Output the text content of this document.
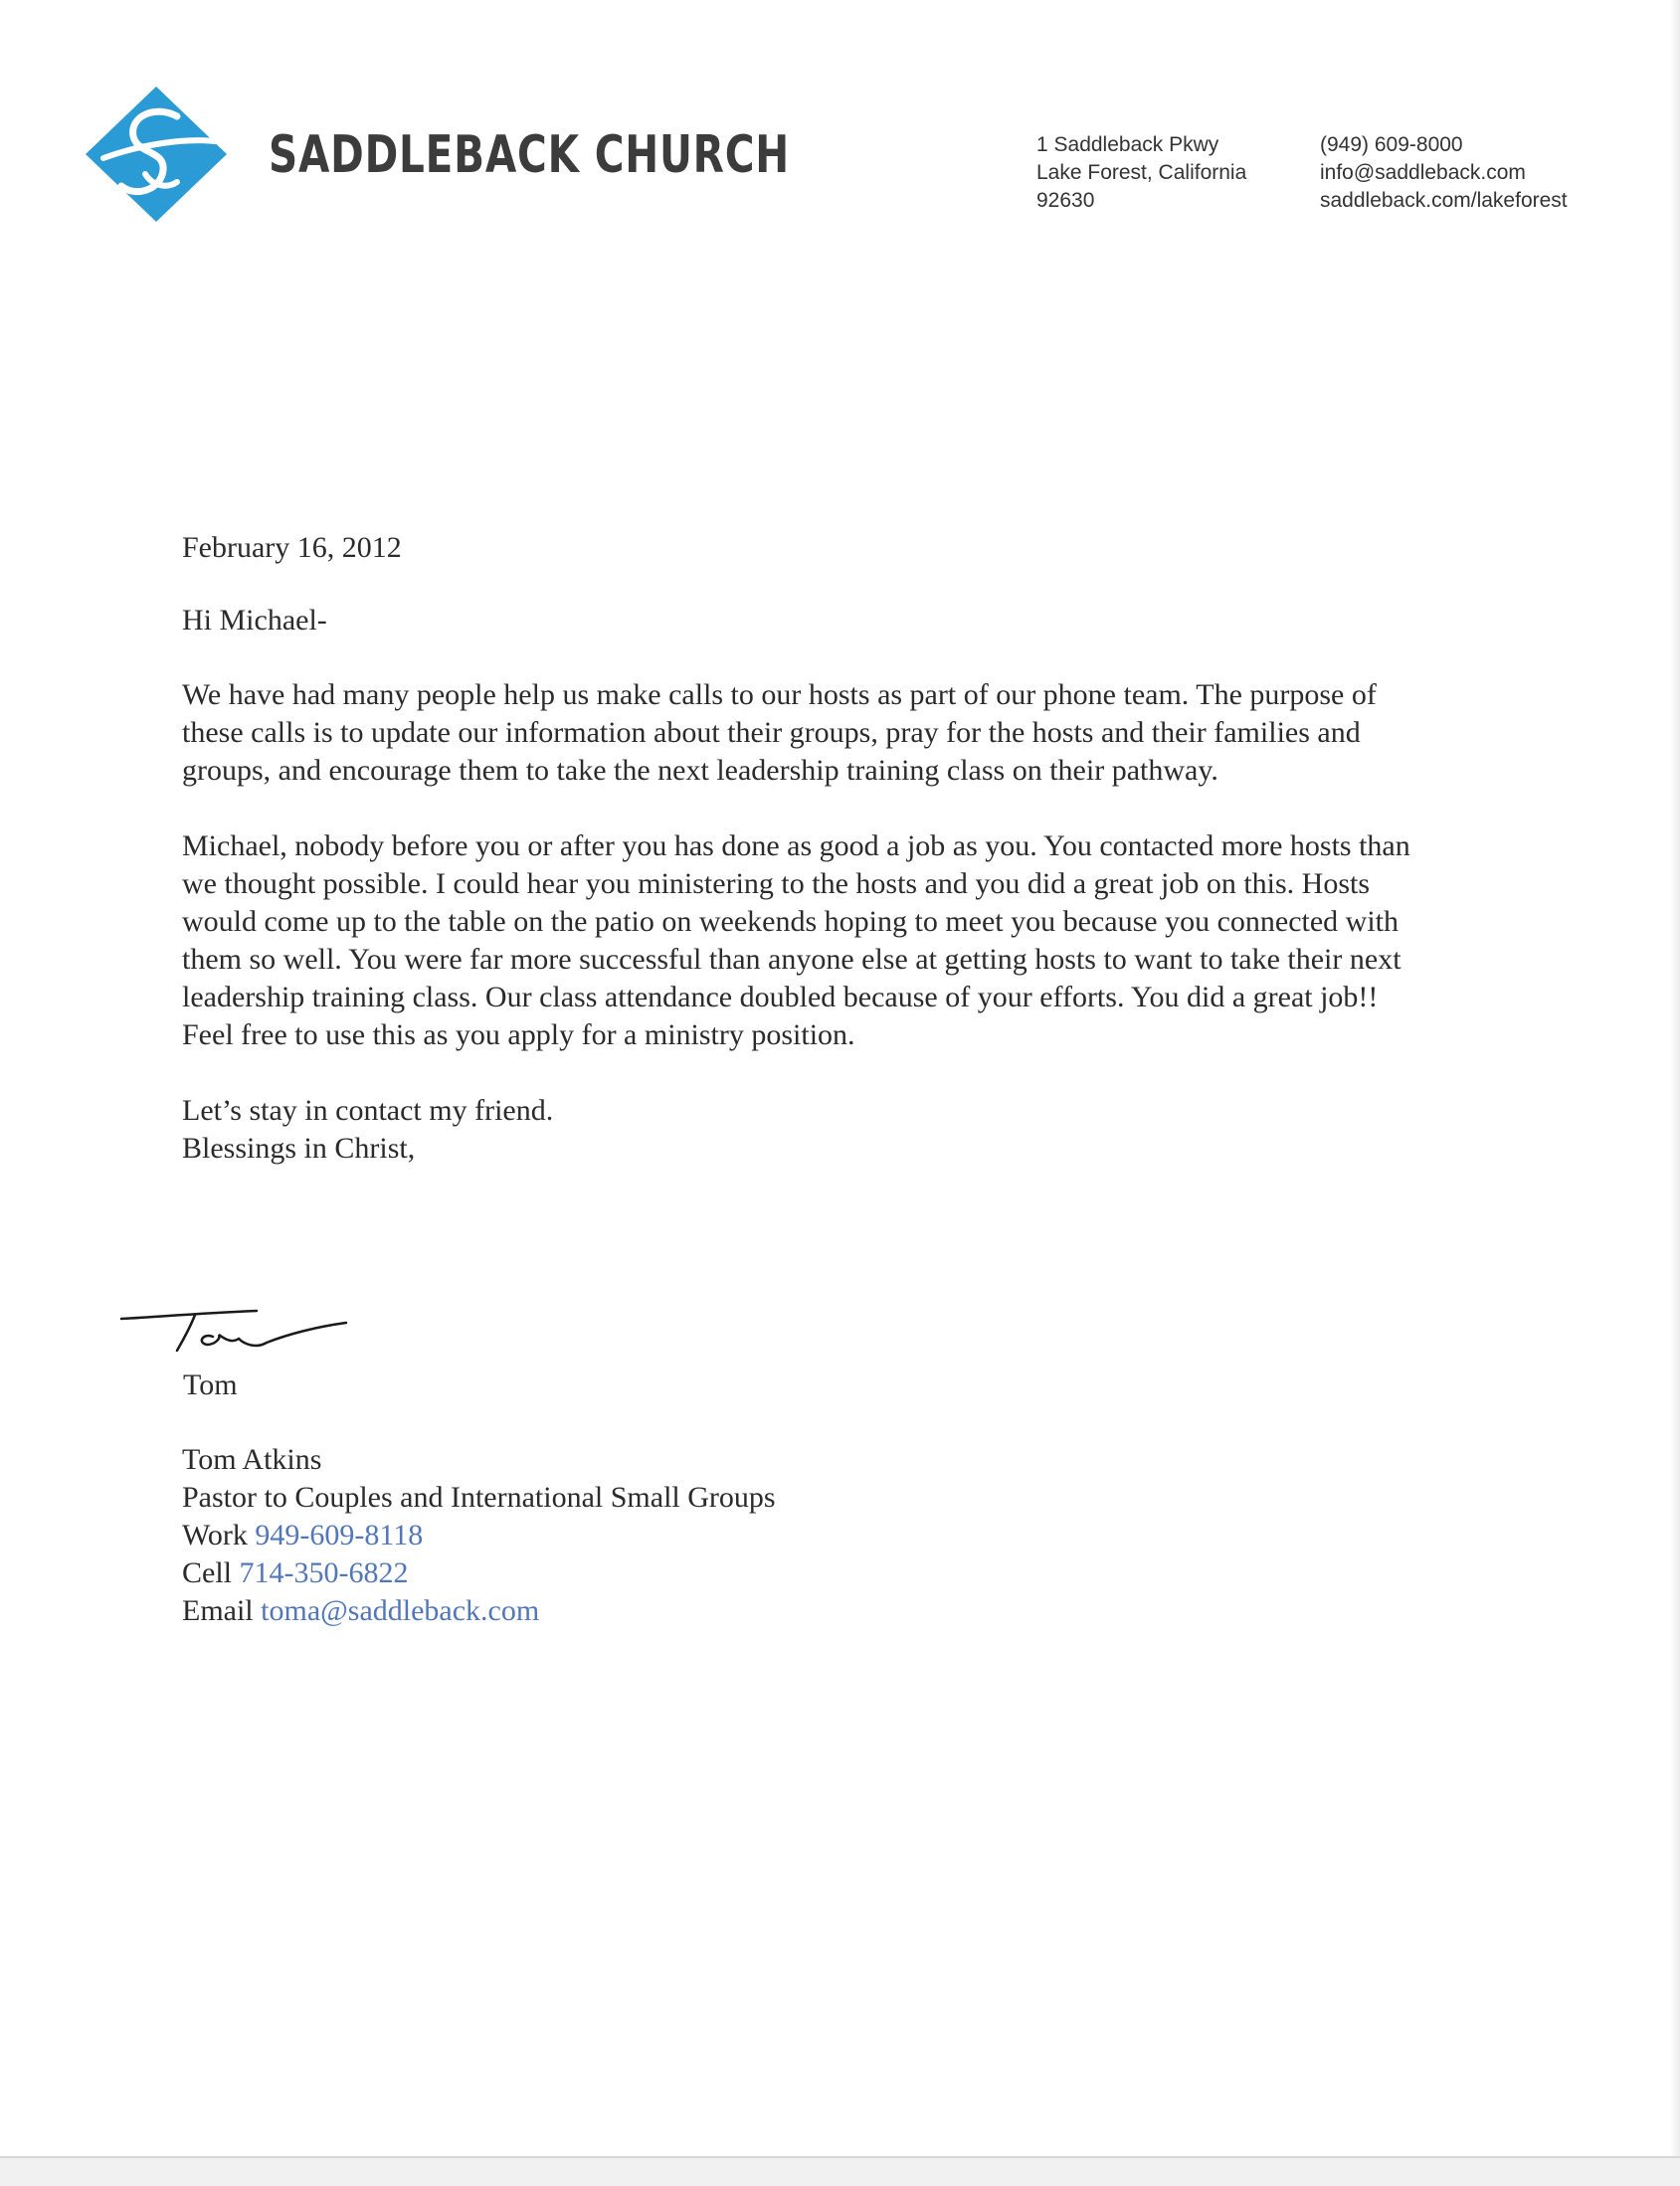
SADDLEBACK CHURCH	1 Saddleback Pkwy
Lake Forest, California
92630
(949) 609-8000
info@saddleback.com
saddleback.com/lakeforest

February 16, 2012

Hi Michael-

We have had many people help us make calls to our hosts as part of our phone team. The purpose of these calls is to update our information about their groups, pray for the hosts and their families and groups, and encourage them to take the next leadership training class on their pathway.

Michael, nobody before you or after you has done as good a job as you. You contacted more hosts than we thought possible. I could hear you ministering to the hosts and you did a great job on this. Hosts would come up to the table on the patio on weekends hoping to meet you because you connected with them so well. You were far more successful than anyone else at getting hosts to want to take their next leadership training class. Our class attendance doubled because of your efforts. You did a great job!!

Feel free to use this as you apply for a ministry position.

Let’s stay in contact my friend.

Blessings in Christ,

Tom
Tom Atkins
Pastor to Couples and International Small Groups
Work 949-609-8118
Cell 714-350-6822
Email toma@saddleback.com
